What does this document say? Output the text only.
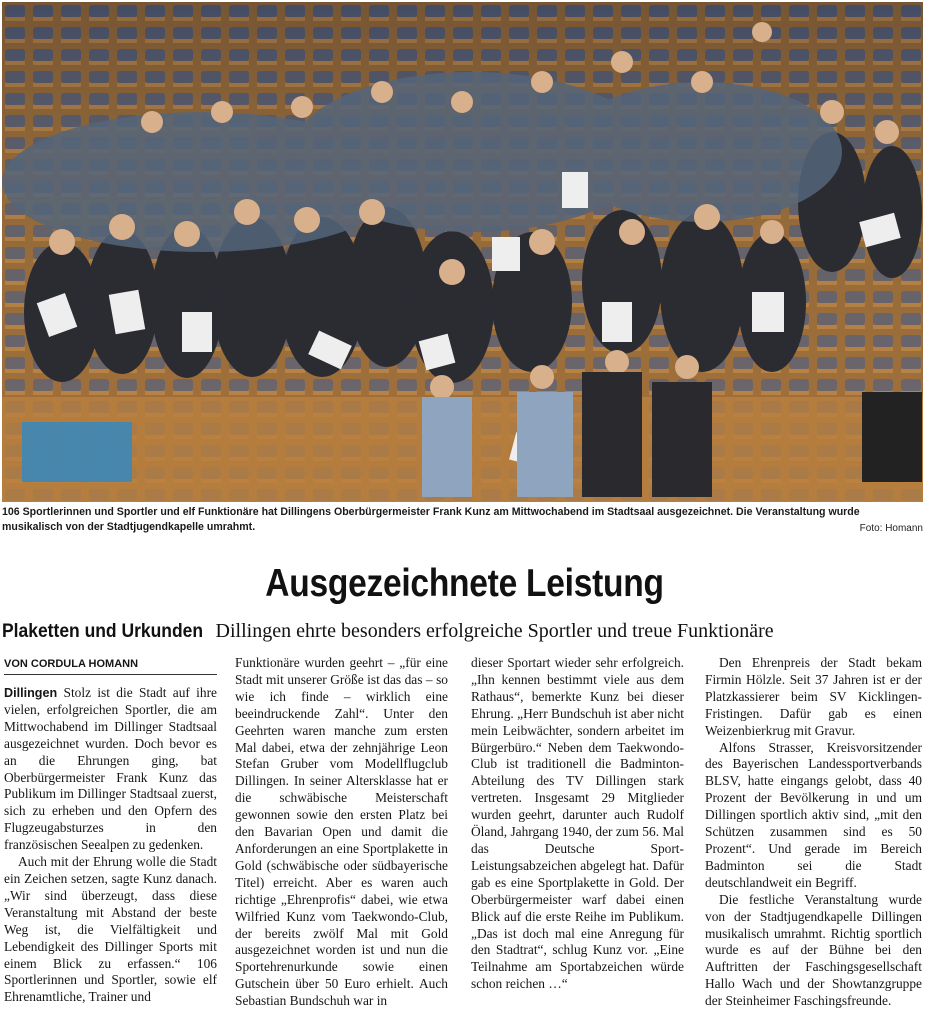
106 Sportlerinnen und Sportler und elf Funktionäre hat Dillingens Oberbürgermeister Frank Kunz am Mittwochabend im Stadtsaal ausgezeichnet. Die Veranstaltung wurde

musikalisch von der Stadtjugendkapelle umrahmt.	Foto: Homann
Ausgezeichnete Leistung
Plaketten und Urkunden Dillingen ehrte besonders erfolgreiche Sportler und treue Funktionäre
VON CORDULA HOMANN

Dillingen Stolz ist die Stadt auf ihre vielen, erfolgreichen Sportler, die am Mittwochabend im Dillinger Stadtsaal ausgezeichnet wurden. Doch bevor es an die Ehrungen ging, bat Oberbürgermeister Frank Kunz das Publikum im Dillinger Stadtsaal zuerst, sich zu erheben und den Opfern des Flugzeugabsturzes in den französischen Seealpen zu gedenken.

Auch mit der Ehrung wolle die Stadt ein Zeichen setzen, sagte Kunz danach. „Wir sind überzeugt, dass diese Veranstaltung mit Abstand der beste Weg ist, die Vielfältigkeit und Lebendigkeit des Dillinger Sports mit einem Blick zu erfassen.“ 106 Sportlerinnen und Sportler, sowie elf Ehrenamtliche, Trainer und

Funktionäre wurden geehrt – „für eine Stadt mit unserer Größe ist das das – so wie ich finde – wirklich eine beeindruckende Zahl“. Unter den Geehrten waren manche zum ersten Mal dabei, etwa der zehnjährige Leon Stefan Gruber vom Modellflugclub Dillingen. In seiner Altersklasse hat er die schwäbische Meisterschaft gewonnen sowie den ersten Platz bei den Bavarian Open und damit die Anforderungen an eine Sportplakette in Gold (schwäbische oder südbayerische Titel) erreicht. Aber es waren auch richtige „Ehrenprofis“ dabei, wie etwa Wilfried Kunz vom Taekwondo-Club, der bereits zwölf Mal mit Gold ausgezeichnet worden ist und nun die Sportehrenurkunde sowie einen Gutschein über 50 Euro erhielt. Auch Sebastian Bundschuh war in

dieser Sportart wieder sehr erfolgreich. „Ihn kennen bestimmt viele aus dem Rathaus“, bemerkte Kunz bei dieser Ehrung. „Herr Bundschuh ist aber nicht mein Leibwächter, sondern arbeitet im Bürgerbüro.“ Neben dem Taekwondo-Club ist traditionell die Badminton-Abteilung des TV Dillingen stark vertreten. Insgesamt 29 Mitglieder wurden geehrt, darunter auch Rudolf Öland, Jahrgang 1940, der zum 56. Mal das Deutsche Sport-Leistungsabzeichen abgelegt hat. Dafür gab es eine Sportplakette in Gold. Der Oberbürgermeister warf dabei einen Blick auf die erste Reihe im Publikum. „Das ist doch mal eine Anregung für den Stadtrat“, schlug Kunz vor. „Eine Teilnahme am Sportabzeichen würde schon reichen …“

Den Ehrenpreis der Stadt bekam Firmin Hölzle. Seit 37 Jahren ist er der Platzkassierer beim SV Kicklingen-Fristingen. Dafür gab es einen Weizenbierkrug mit Gravur.

Alfons Strasser, Kreisvorsitzender des Bayerischen Landessportverbands BLSV, hatte eingangs gelobt, dass 40 Prozent der Bevölkerung in und um Dillingen sportlich aktiv sind, „mit den Schützen zusammen sind es 50 Prozent“. Und gerade im Bereich Badminton sei die Stadt deutschlandweit ein Begriff.

Die festliche Veranstaltung wurde von der Stadtjugendkapelle Dillingen musikalisch umrahmt. Richtig sportlich wurde es auf der Bühne bei den Auftritten der Faschingsgesellschaft Hallo Wach und der Showtanzgruppe der Steinheimer Faschingsfreunde.
